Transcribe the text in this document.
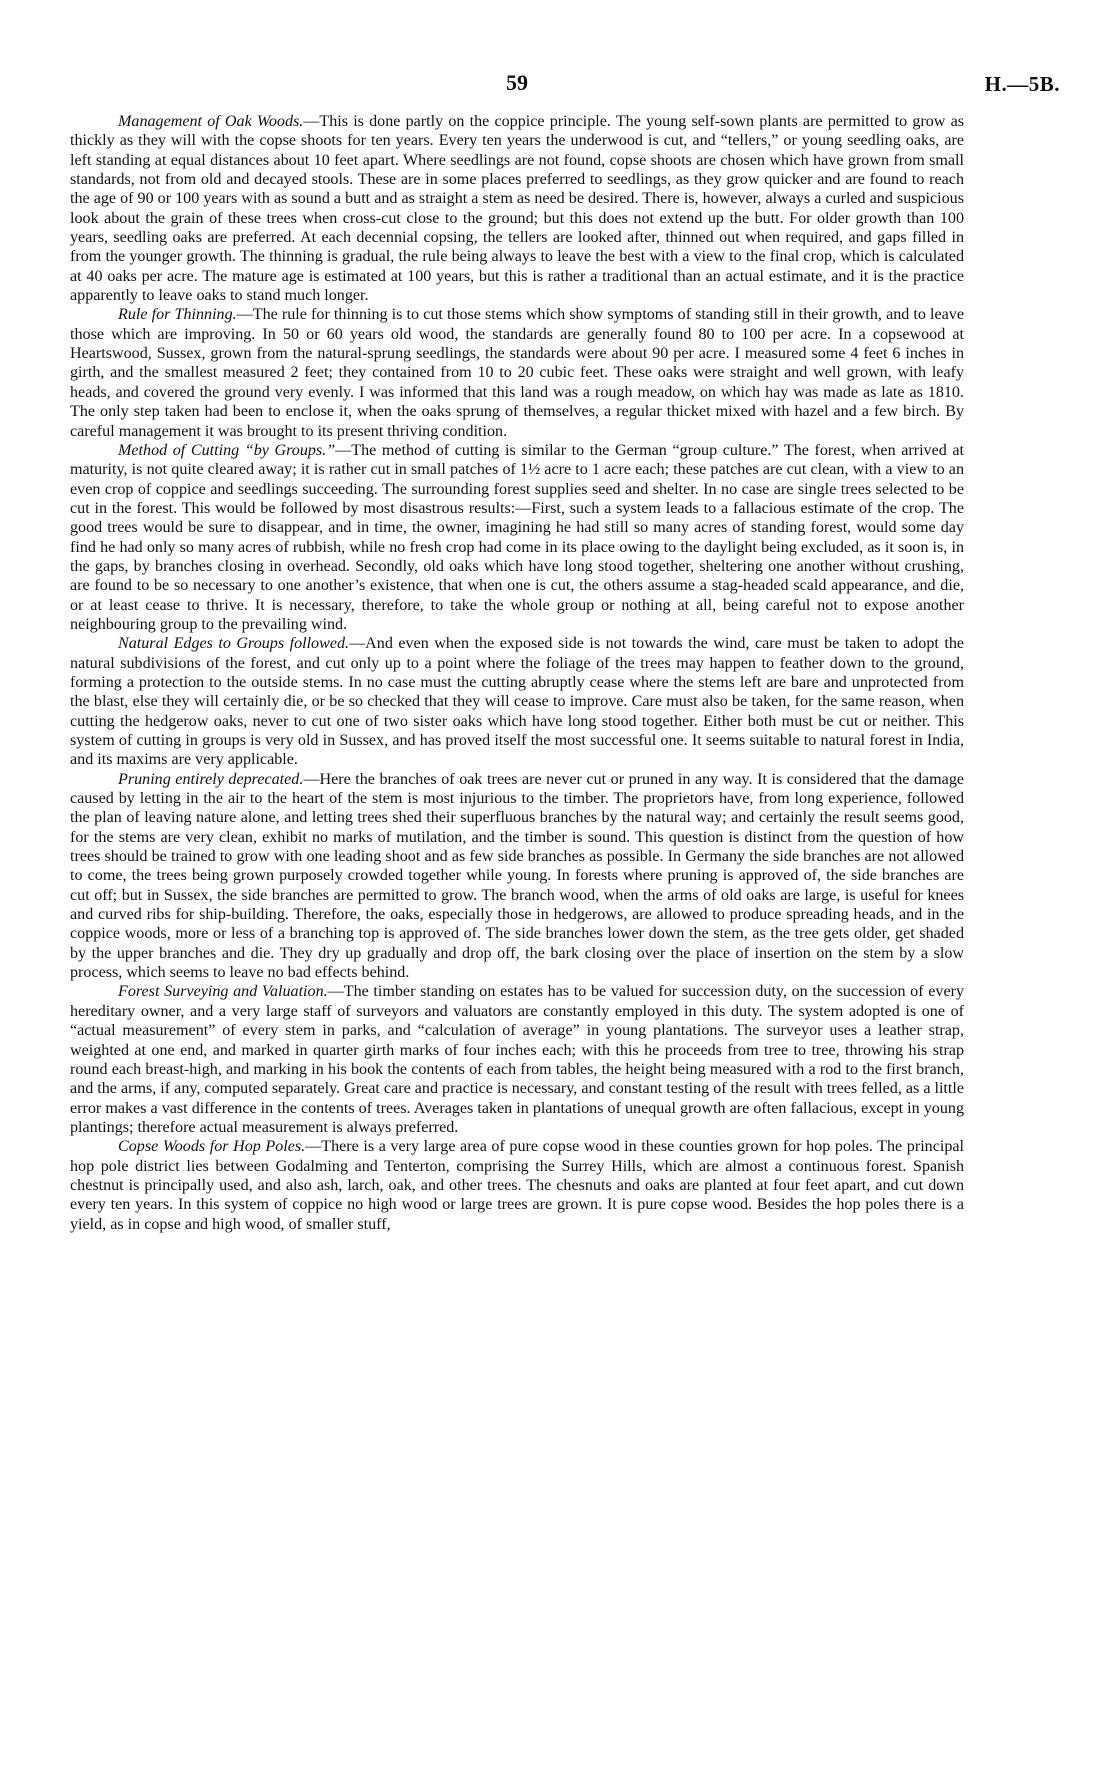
59	H.—5B.

Management of Oak Woods.—This is done partly on the coppice principle. The young self-sown plants are permitted to grow as thickly as they will with the copse shoots for ten years. Every ten years the underwood is cut, and “tellers,” or young seedling oaks, are left standing at equal distances about 10 feet apart. Where seedlings are not found, copse shoots are chosen which have grown from small standards, not from old and decayed stools. These are in some places preferred to seedlings, as they grow quicker and are found to reach the age of 90 or 100 years with as sound a butt and as straight a stem as need be desired. There is, however, always a curled and suspicious look about the grain of these trees when cross-cut close to the ground; but this does not extend up the butt. For older growth than 100 years, seedling oaks are preferred. At each decennial copsing, the tellers are looked after, thinned out when required, and gaps filled in from the younger growth. The thinning is gradual, the rule being always to leave the best with a view to the final crop, which is calculated at 40 oaks per acre. The mature age is estimated at 100 years, but this is rather a traditional than an actual estimate, and it is the practice apparently to leave oaks to stand much longer.

Rule for Thinning.—The rule for thinning is to cut those stems which show symptoms of standing still in their growth, and to leave those which are improving. In 50 or 60 years old wood, the standards are generally found 80 to 100 per acre. In a copsewood at Heartswood, Sussex, grown from the natural-sprung seedlings, the standards were about 90 per acre. I measured some 4 feet 6 inches in girth, and the smallest measured 2 feet; they contained from 10 to 20 cubic feet. These oaks were straight and well grown, with leafy heads, and covered the ground very evenly. I was informed that this land was a rough meadow, on which hay was made as late as 1810. The only step taken had been to enclose it, when the oaks sprung of themselves, a regular thicket mixed with hazel and a few birch. By careful management it was brought to its present thriving condition.

Method of Cutting “by Groups.”—The method of cutting is similar to the German “group culture.” The forest, when arrived at maturity, is not quite cleared away; it is rather cut in small patches of 1½ acre to 1 acre each; these patches are cut clean, with a view to an even crop of coppice and seedlings succeeding. The surrounding forest supplies seed and shelter. In no case are single trees selected to be cut in the forest. This would be followed by most disastrous results:—First, such a system leads to a fallacious estimate of the crop. The good trees would be sure to disappear, and in time, the owner, imagining he had still so many acres of standing forest, would some day find he had only so many acres of rubbish, while no fresh crop had come in its place owing to the daylight being excluded, as it soon is, in the gaps, by branches closing in overhead. Secondly, old oaks which have long stood together, sheltering one another without crushing, are found to be so necessary to one another’s existence, that when one is cut, the others assume a stag-headed scald appearance, and die, or at least cease to thrive. It is necessary, therefore, to take the whole group or nothing at all, being careful not to expose another neighbouring group to the prevailing wind.

Natural Edges to Groups followed.—And even when the exposed side is not towards the wind, care must be taken to adopt the natural subdivisions of the forest, and cut only up to a point where the foliage of the trees may happen to feather down to the ground, forming a protection to the outside stems. In no case must the cutting abruptly cease where the stems left are bare and unprotected from the blast, else they will certainly die, or be so checked that they will cease to improve. Care must also be taken, for the same reason, when cutting the hedgerow oaks, never to cut one of two sister oaks which have long stood together. Either both must be cut or neither. This system of cutting in groups is very old in Sussex, and has proved itself the most successful one. It seems suitable to natural forest in India, and its maxims are very applicable.

Pruning entirely deprecated.—Here the branches of oak trees are never cut or pruned in any way. It is considered that the damage caused by letting in the air to the heart of the stem is most injurious to the timber. The proprietors have, from long experience, followed the plan of leaving nature alone, and letting trees shed their superfluous branches by the natural way; and certainly the result seems good, for the stems are very clean, exhibit no marks of mutilation, and the timber is sound. This question is distinct from the question of how trees should be trained to grow with one leading shoot and as few side branches as possible. In Germany the side branches are not allowed to come, the trees being grown purposely crowded together while young. In forests where pruning is approved of, the side branches are cut off; but in Sussex, the side branches are permitted to grow. The branch wood, when the arms of old oaks are large, is useful for knees and curved ribs for ship-building. Therefore, the oaks, especially those in hedgerows, are allowed to produce spreading heads, and in the coppice woods, more or less of a branching top is approved of. The side branches lower down the stem, as the tree gets older, get shaded by the upper branches and die. They dry up gradually and drop off, the bark closing over the place of insertion on the stem by a slow process, which seems to leave no bad effects behind.

Forest Surveying and Valuation.—The timber standing on estates has to be valued for succession duty, on the succession of every hereditary owner, and a very large staff of surveyors and valuators are constantly employed in this duty. The system adopted is one of “actual measurement” of every stem in parks, and “calculation of average” in young plantations. The surveyor uses a leather strap, weighted at one end, and marked in quarter girth marks of four inches each; with this he proceeds from tree to tree, throwing his strap round each breast-high, and marking in his book the contents of each from tables, the height being measured with a rod to the first branch, and the arms, if any, computed separately. Great care and practice is necessary, and constant testing of the result with trees felled, as a little error makes a vast difference in the contents of trees. Averages taken in plantations of unequal growth are often fallacious, except in young plantings; therefore actual measurement is always preferred.

Copse Woods for Hop Poles.—There is a very large area of pure copse wood in these counties grown for hop poles. The principal hop pole district lies between Godalming and Tenterton, comprising the Surrey Hills, which are almost a continuous forest. Spanish chestnut is principally used, and also ash, larch, oak, and other trees. The chesnuts and oaks are planted at four feet apart, and cut down every ten years. In this system of coppice no high wood or large trees are grown. It is pure copse wood. Besides the hop poles there is a yield, as in copse and high wood, of smaller stuff,
